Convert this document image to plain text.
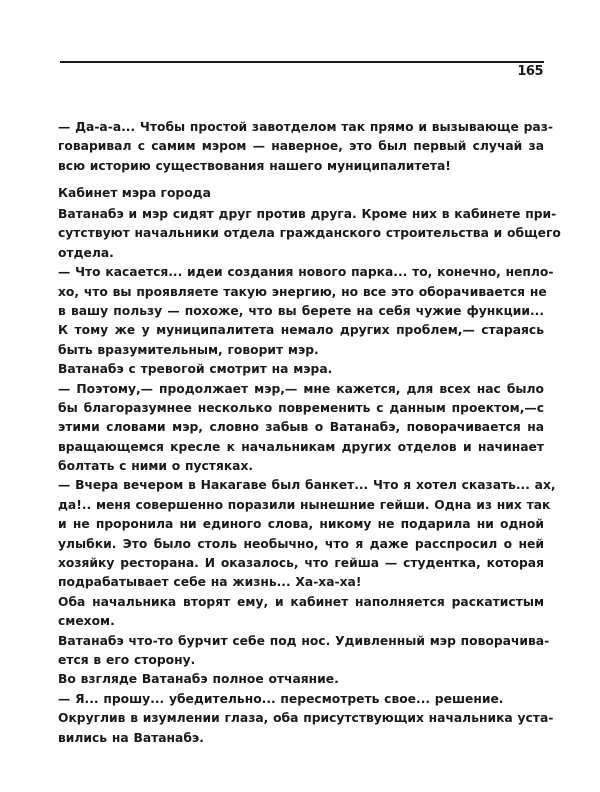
165
— Да-а-а... Чтобы простой завотделом так прямо и вызывающе раз-
говаривал с самим мэром — наверное, это был первый случай за
всю историю существования нашего муниципалитета!
Кабинет мэра города
Ватанабэ и мэр сидят друг против друга. Кроме них в кабинете при-
сутствуют начальники отдела гражданского строительства и общего
отдела.
— Что касается... идеи создания нового парка... то, конечно, непло-
хо, что вы проявляете такую энергию, но все это оборачивается не
в вашу пользу — похоже, что вы берете на себя чужие функции...
К тому же у муниципалитета немало других проблем,— стараясь
быть вразумительным, говорит мэр.
Ватанабэ с тревогой смотрит на мэра.
— Поэтому,— продолжает мэр,— мне кажется, для всех нас было
бы благоразумнее несколько повременить с данным проектом,—с
этими словами мэр, словно забыв о Ватанабэ, поворачивается на
вращающемся кресле к начальникам других отделов и начинает
болтать с ними о пустяках.
— Вчера вечером в Накагаве был банкет... Что я хотел сказать... ах,
да!.. меня совершенно поразили нынешние гейши. Одна из них так
и не проронила ни единого слова, никому не подарила ни одной
улыбки. Это было столь необычно, что я даже расспросил о ней
хозяйку ресторана. И оказалось, что гейша — студентка, которая
подрабатывает себе на жизнь... Ха-ха-ха!
Оба начальника вторят ему, и кабинет наполняется раскатистым
смехом.
Ватанабэ что-то бурчит себе под нос. Удивленный мэр поворачива-
ется в его сторону.
Во взгляде Ватанабэ полное отчаяние.
— Я... прошу... убедительно... пересмотреть свое... решение.
Округлив в изумлении глаза, оба присутствующих начальника уста-
вились на Ватанабэ.
